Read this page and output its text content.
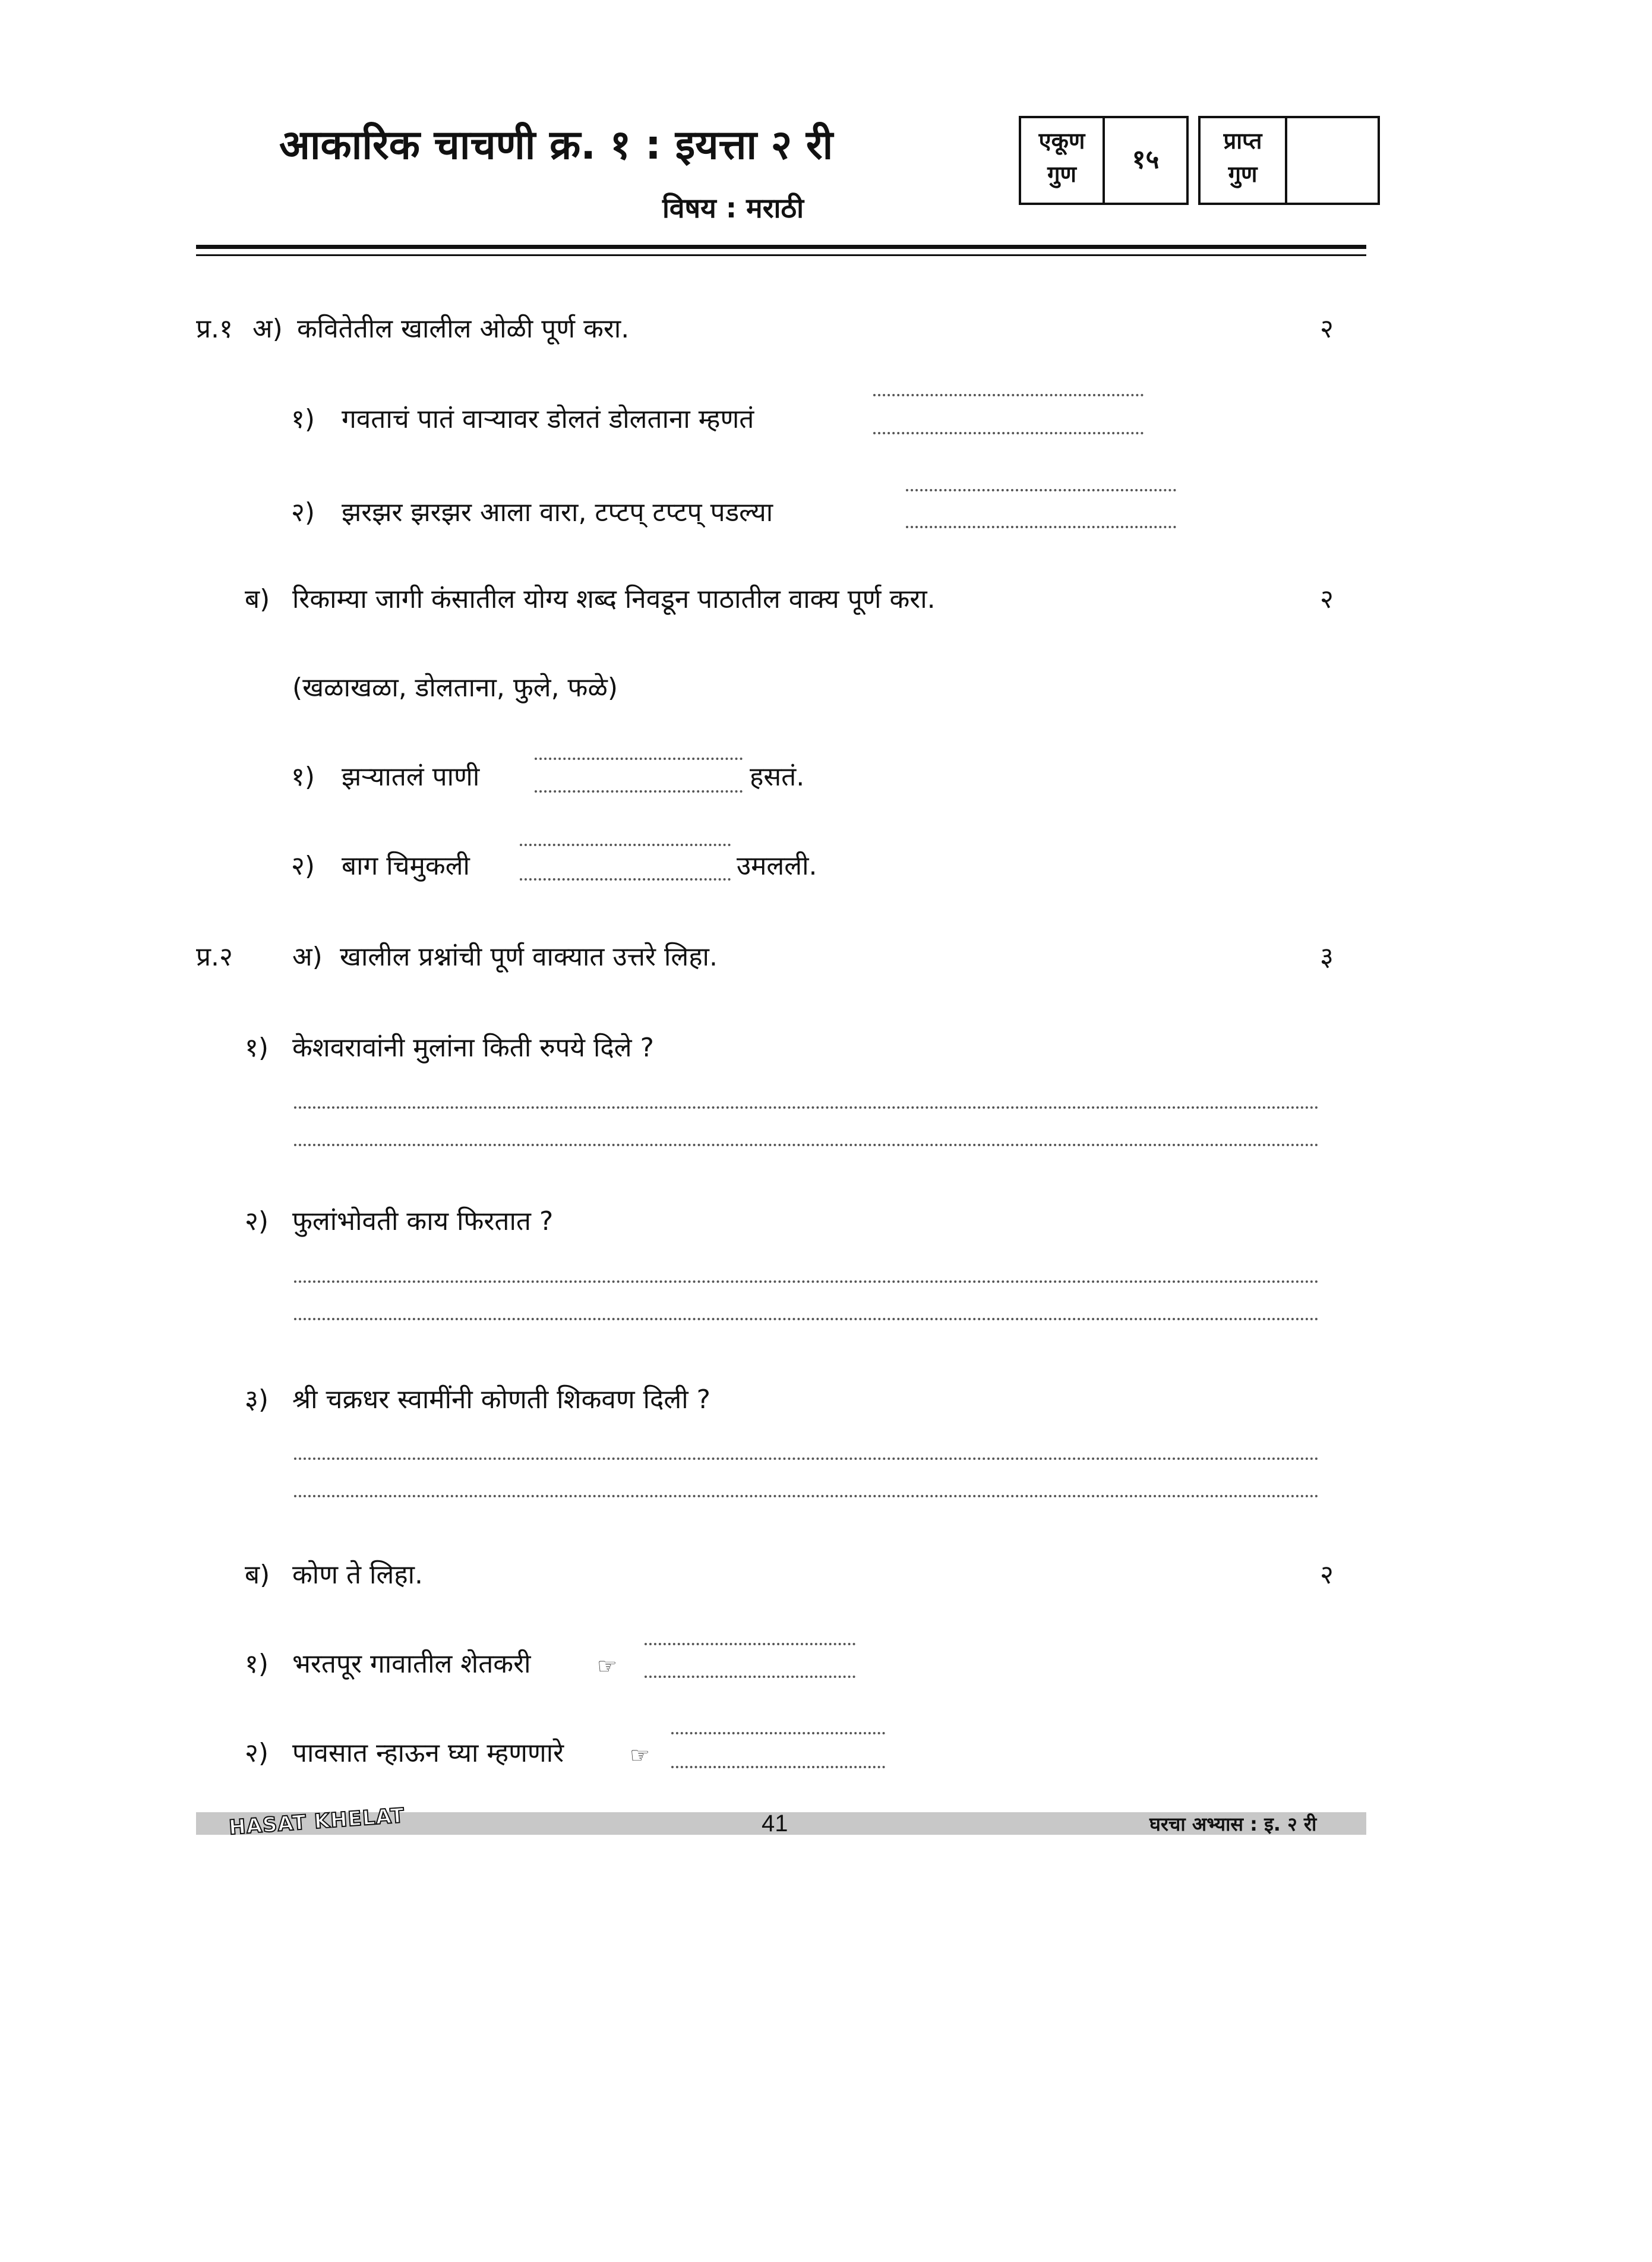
आकारिक चाचणी क्र. १ : इयत्ता २ री
विषय : मराठी
एकूण
गुण	१५
प्राप्त
गुण
प्र.१ अ) कवितेतील खालील ओळी पूर्ण करा.	२
१) गवताचं पातं वाऱ्यावर डोलतं डोलताना म्हणतं
२) झरझर झरझर आला वारा, टप्टप् टप्टप् पडल्या
ब) रिकाम्या जागी कंसातील योग्य शब्द निवडून पाठातील वाक्य पूर्ण करा.	२
(खळाखळा, डोलताना, फुले, फळे)
१) झऱ्यातलं पाणी	हसतं.
२) बाग चिमुकली	उमलली.
प्र.२ अ) खालील प्रश्नांची पूर्ण वाक्यात उत्तरे लिहा.	३
१) केशवरावांनी मुलांना किती रुपये दिले ?
२) फुलांभोवती काय फिरतात ?
३) श्री चक्रधर स्वामींनी कोणती शिकवण दिली ?
ब) कोण ते लिहा.	२
१) भरतपूर गावातील शेतकरी	☞
२) पावसात न्हाऊन घ्या म्हणणारे	☞
HASAT KHELAT	41	घरचा अभ्यास : इ. २ री
